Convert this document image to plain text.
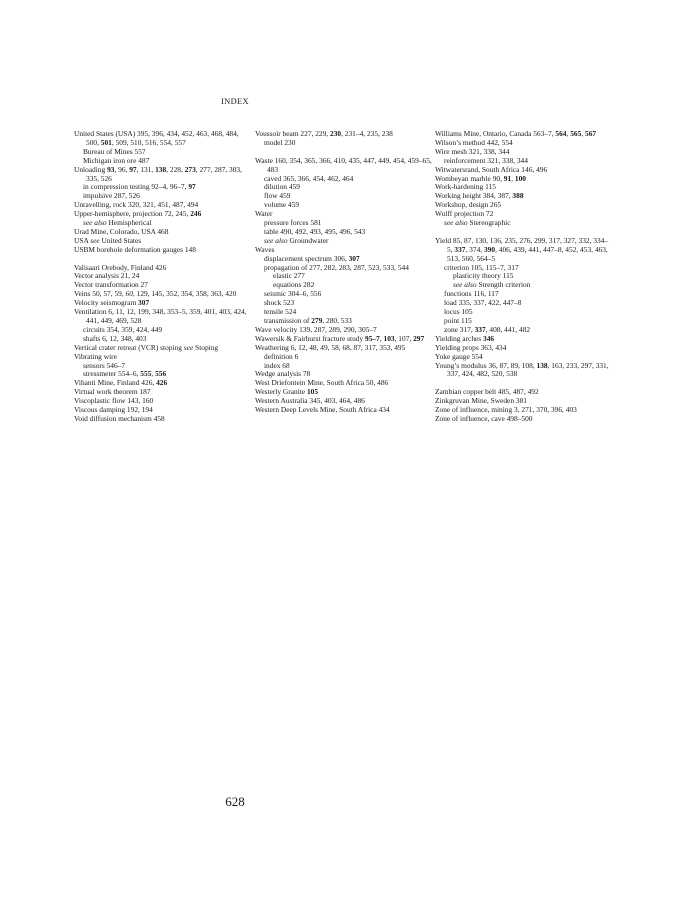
INDEX
United States (USA) 395, 396, 434, 452, 463, 468, 484, 500, 501, 509, 510, 516, 554, 557
Bureau of Mines 557
Michigan iron ore 487
Unloading 93, 96, 97, 131, 138, 228, 273, 277, 287, 303, 335, 526
in compression testing 92–4, 96–7, 97
impulsive 287, 526
Unravelling, rock 320, 321, 451, 487, 494
Upper-hemisphere, projection 72, 245, 246
see also Hemispherical
Urad Mine, Colorado, USA 468
USA see United States
USBM borehole deformation gauges 148
Valisaari Orebody, Finland 426
Vector analysis 21, 24
Vector transformation 27
Veins 50, 57, 59, 60, 129, 145, 352, 354, 358, 363, 420
Velocity seismogram 307
Ventilation 6, 11, 12, 199, 348, 353–5, 359, 401, 403, 424, 441, 449, 469, 528
circuits 354, 359, 424, 449
shafts 6, 12, 348, 403
Vertical crater retreat (VCR) stoping see Stoping
Vibrating wire
sensors 546–7
stressmeter 554–6, 555, 556
Vihanti Mine, Finland 426, 426
Virtual work theorem 187
Viscoplastic flow 143, 160
Viscous damping 192, 194
Void diffusion mechanism 458
Voussoir beam 227, 229, 230, 231–4, 235, 238
model 230
Waste 160, 354, 365, 366, 410, 435, 447, 449, 454, 459–65, 483
caved 365, 366, 454, 462, 464
dilution 459
flow 459
volume 459
Water
pressure forces 581
table 490, 492, 493, 495, 496, 543
see also Groundwater
Waves
displacement spectrum 306, 307
propagation of 277, 282, 283, 287, 523, 533, 544
elastic 277
equations 282
seismic 304–6, 556
shock 523
tensile 524
transmission of 279, 280, 533
Wave velocity 139, 287, 289, 290, 305–7
Wawersik & Fairhurst fracture study 95–7, 103, 107, 297
Weathering 6, 12, 48, 49, 58, 68, 87, 317, 353, 495
definition 6
index 68
Wedge analysis 78
West Driefontein Mine, South Africa 50, 486
Westerly Granite 105
Western Australia 345, 403, 464, 486
Western Deep Levels Mine, South Africa 434
Williams Mine, Ontario, Canada 563–7, 564, 565, 567
Wilson’s method 442, 554
Wire mesh 321, 338, 344
reinforcement 321, 338, 344
Witwatersrand, South Africa 146, 496
Wombeyan marble 90, 91, 100
Work-hardening 115
Working height 384, 387, 388
Workshop, design 265
Wulff projection 72
see also Stereographic
Yield 85, 87, 130, 136, 235, 276, 299, 317, 327, 332, 334–5, 337, 374, 390, 406, 439, 441, 447–8, 452, 453, 463, 513, 560, 564–5
criterion 105, 115–7, 317
plasticity theory 115
see also Strength criterion
functions 116, 117
load 335, 337, 422, 447–8
locus 105
point 115
zone 317, 337, 408, 441, 482
Yielding arches 346
Yielding props 363, 434
Yoke gauge 554
Young’s modulus 36, 87, 89, 108, 138, 163, 233, 297, 331, 337, 424, 482, 520, 538
Zambian copper belt 485, 487, 492
Zinkgruvan Mine, Sweden 381
Zone of influence, mining 3, 271, 370, 396, 403
Zone of influence, cave 498–500
628
